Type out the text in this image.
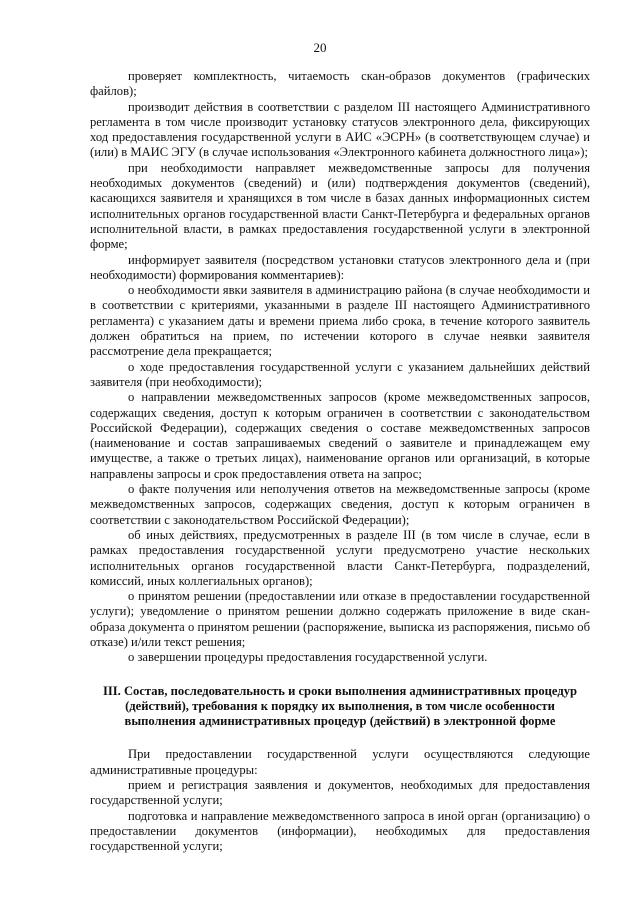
20

проверяет комплектность, читаемость скан-образов документов (графических файлов);

производит действия в соответствии с разделом III настоящего Административного регламента в том числе производит установку статусов электронного дела, фиксирующих ход предоставления государственной услуги в АИС «ЭСРН» (в соответствующем случае) и (или) в МАИС ЭГУ (в случае использования «Электронного кабинета должностного лица»);

при необходимости направляет межведомственные запросы для получения необходимых документов (сведений) и (или) подтверждения документов (сведений), касающихся заявителя и хранящихся в том числе в базах данных информационных систем исполнительных органов государственной власти Санкт-Петербурга и федеральных органов исполнительной власти, в рамках предоставления государственной услуги в электронной форме;

информирует заявителя (посредством установки статусов электронного дела и (при необходимости) формирования комментариев):

о необходимости явки заявителя в администрацию района (в случае необходимости и в соответствии с критериями, указанными в разделе III настоящего Административного регламента) с указанием даты и времени приема либо срока, в течение которого заявитель должен обратиться на прием, по истечении которого в случае неявки заявителя рассмотрение дела прекращается;

о ходе предоставления государственной услуги с указанием дальнейших действий заявителя (при необходимости);

о направлении межведомственных запросов (кроме межведомственных запросов, содержащих сведения, доступ к которым ограничен в соответствии с законодательством Российской Федерации), содержащих сведения о составе межведомственных запросов (наименование и состав запрашиваемых сведений о заявителе и принадлежащем ему имуществе, а также о третьих лицах), наименование органов или организаций, в которые направлены запросы и срок предоставления ответа на запрос;

о факте получения или неполучения ответов на межведомственные запросы (кроме межведомственных запросов, содержащих сведения, доступ к которым ограничен в соответствии с законодательством Российской Федерации);

об иных действиях, предусмотренных в разделе III (в том числе в случае, если в рамках предоставления государственной услуги предусмотрено участие нескольких исполнительных органов государственной власти Санкт-Петербурга, подразделений, комиссий, иных коллегиальных органов);

о принятом решении (предоставлении или отказе в предоставлении государственной услуги); уведомление о принятом решении должно содержать приложение в виде скан-образа документа о принятом решении (распоряжение, выписка из распоряжения, письмо об отказе) и/или текст решения;

о завершении процедуры предоставления государственной услуги.

III. Состав, последовательность и сроки выполнения административных процедур (действий), требования к порядку их выполнения, в том числе особенности выполнения административных процедур (действий) в электронной форме

При предоставлении государственной услуги осуществляются следующие административные процедуры:

прием и регистрация заявления и документов, необходимых для предоставления государственной услуги;

подготовка и направление межведомственного запроса в иной орган (организацию) о предоставлении документов (информации), необходимых для предоставления государственной услуги;
